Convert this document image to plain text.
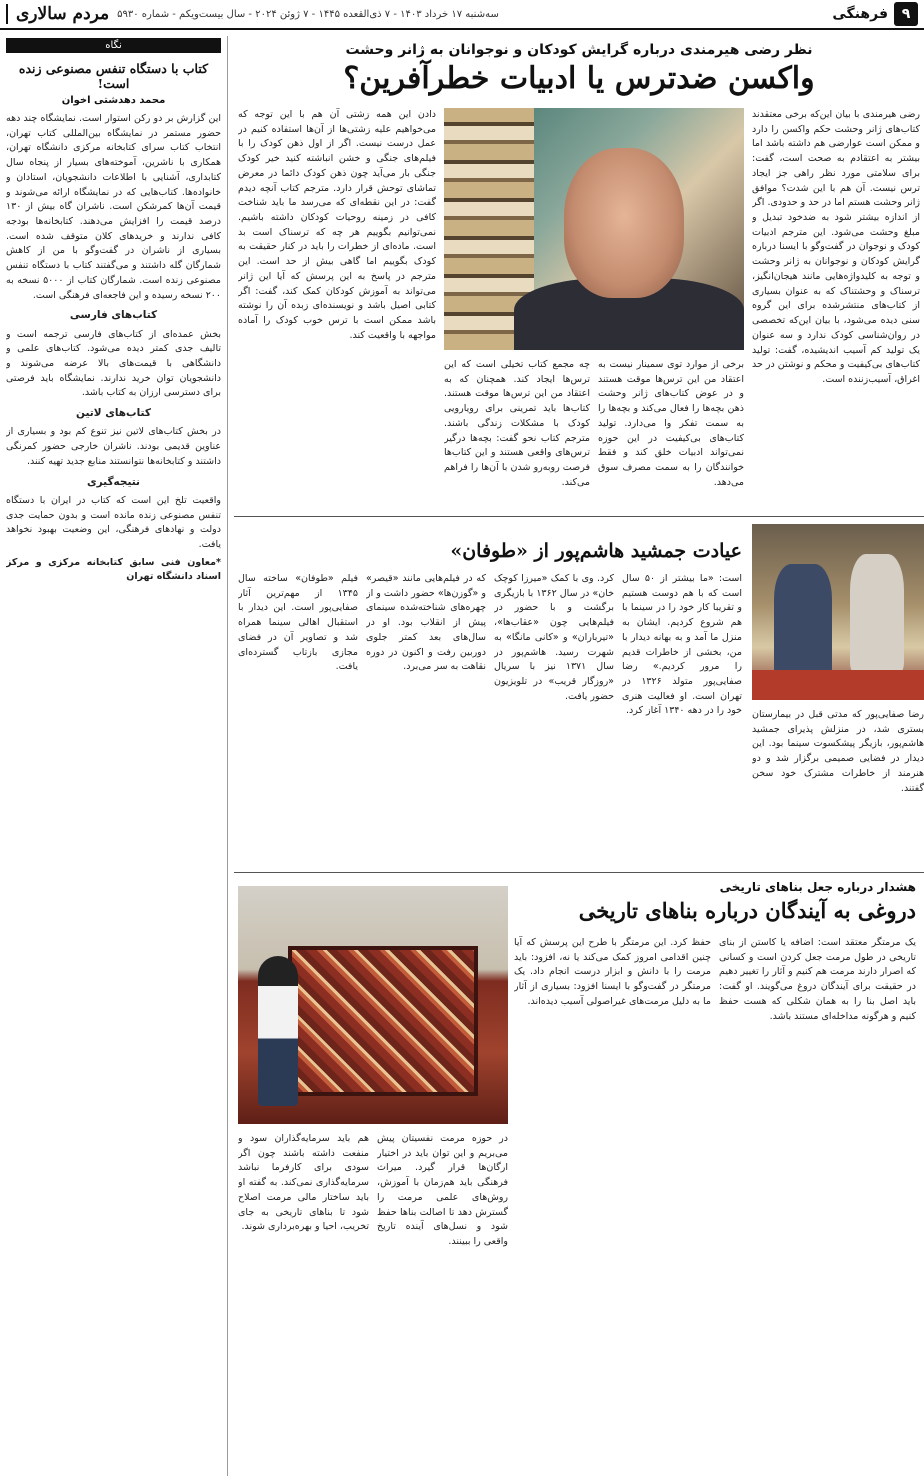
۹
فرهنگی
سه‌شنبه ۱۷ خرداد ۱۴۰۳ - ۷ ذی‌القعده ۱۴۴۵ - ۷ ژوئن ۲۰۲۴ - سال بیست‌ویکم - شماره ۵۹۳۰
مردم سالاری
نظر رضی هیرمندی درباره گرایش کودکان و نوجوانان به ژانر وحشت
واکسن ضدترس یا ادبیات خطرآفرین؟
رضی هیرمندی با بیان این‌که برخی معتقدند کتاب‌های ژانر وحشت حکم واکسن را دارد و ممکن است عوارضی هم داشته باشد اما بیشتر به اعتقادم به صحت است، گفت: برای سلامتی مورد نظر راهی جز ایجاد ترس نیست. آن هم با این شدت؟ موافق ژانر وحشت هستم اما در حد و حدودی. اگر از اندازه بیشتر شود به ضدخود تبدیل و مبلغ وحشت می‌شود. این مترجم ادبیات کودک و نوجوان در گفت‌وگو با ایسنا درباره گرایش کودکان و نوجوانان به ژانر وحشت و توجه به کلیدواژه‌هایی مانند هیجان‌انگیز، ترسناک و وحشتناک که به عنوان بسیاری از کتاب‌های منتشرشده برای این گروه سنی دیده می‌شود، با بیان این‌که تخصصی در روان‌شناسی کودک ندارد و سه عنوان یک تولید کم آسیب اندیشیده، گفت: تولید کتاب‌های بی‌کیفیت و محکم و نوشتن در حد اغراق، آسیب‌زننده است.
برخی از موارد توی سمینار نیست به اعتقاد من این ترس‌ها موقت هستند و در عوض کتاب‌های ژانر وحشت ذهن بچه‌ها را فعال می‌کند و بچه‌ها را به سمت تفکر وا می‌دارد. تولید کتاب‌های بی‌کیفیت در این حوزه نمی‌تواند ادبیات خلق کند و فقط خوانندگان را به سمت مصرف سوق می‌دهد.
چه مجمع کتاب تخیلی است که این ترس‌ها ایجاد کند. همچنان که به اعتقاد من این ترس‌ها موقت هستند. کتاب‌ها باید تمرینی برای رویارویی کودک با مشکلات زندگی باشند. مترجم کتاب نحو گفت: بچه‌ها درگیر ترس‌های واقعی هستند و این کتاب‌ها فرصت روبه‌رو شدن با آن‌ها را فراهم می‌کند.
دادن این همه زشتی آن هم با این توجه که می‌خواهیم علیه زشتی‌ها از آن‌ها استفاده کنیم در عمل درست نیست. اگر از اول ذهن کودک را با فیلم‌های جنگی و خشن انباشته کنید خیر کودک جنگی بار می‌آید چون ذهن کودک دائما در معرض تماشای توحش قرار دارد. مترجم کتاب آنچه دیدم گفت: در این نقطه‌ای که می‌رسد ما باید شناخت کافی در زمینه روحیات کودکان داشته باشیم. نمی‌توانیم بگوییم هر چه که ترسناک است بد است. ماده‌ای از خطرات را باید در کنار حقیقت به کودک بگوییم اما گاهی بیش از حد است. این مترجم در پاسخ به این پرسش که آیا این ژانر می‌تواند به آموزش کودکان کمک کند، گفت: اگر کتابی اصیل باشد و نویسنده‌ای زبده آن را نوشته باشد ممکن است با ترس خوب کودک را آماده مواجهه با واقعیت کند.
رضا صفایی‌پور که مدتی قبل در بیمارستان بستری شد، در منزلش پذیرای جمشید هاشم‌پور، بازیگر پیشکسوت سینما بود. این دیدار در فضایی صمیمی برگزار شد و دو هنرمند از خاطرات مشترک خود سخن گفتند.
عیادت جمشید هاشم‌پور از «طوفان»
است: «ما بیشتر از ۵۰ سال است که با هم دوست هستیم و تقریبا کار خود را در سینما با هم شروع کردیم. ایشان به منزل ما آمد و به بهانه دیدار با من، بخشی از خاطرات قدیم را مرور کردیم.» رضا صفایی‌پور متولد ۱۳۲۶ در تهران است. او فعالیت هنری خود را در دهه ۱۳۴۰ آغاز کرد.
کرد. وی با کمک «میرزا کوچک خان» در سال ۱۳۶۲ با بازیگری برگشت و با حضور در فیلم‌هایی چون «عقاب‌ها»، «تیرباران» و «کانی مانگا» به شهرت رسید. هاشم‌پور در سال ۱۳۷۱ نیز با سریال «روزگار قریب» در تلویزیون حضور یافت.
که در فیلم‌هایی مانند «قیصر» و «گوزن‌ها» حضور داشت و از چهره‌های شناخته‌شده سینمای پیش از انقلاب بود. او در سال‌های بعد کمتر جلوی دوربین رفت و اکنون در دوره نقاهت به سر می‌برد.
فیلم «طوفان» ساخته سال ۱۳۴۵ از مهم‌ترین آثار صفایی‌پور است. این دیدار با استقبال اهالی سینما همراه شد و تصاویر آن در فضای مجازی بازتاب گسترده‌ای یافت.
هشدار درباره جعل بناهای تاریخی
دروغی به آیندگان درباره بناهای تاریخی
یک مرمتگر معتقد است: اضافه یا کاستن از بنای تاریخی در طول مرمت جعل کردن است و کسانی که اصرار دارند مرمت هم کنیم و آثار را تغییر دهیم در حقیقت برای آیندگان دروغ می‌گویند. او گفت: باید اصل بنا را به همان شکلی که هست حفظ کنیم و هرگونه مداخله‌ای مستند باشد.
حفظ کرد. این مرمتگر با طرح این پرسش که آیا چنین اقدامی امروز کمک می‌کند یا نه، افزود: باید مرمت را با دانش و ابزار درست انجام داد. یک مرمتگر در گفت‌وگو با ایسنا افزود: بسیاری از آثار ما به دلیل مرمت‌های غیراصولی آسیب دیده‌اند.
در حوزه مرمت نفسیتان پیش می‌بریم و این توان باید در اختیار ارگان‌ها قرار گیرد. میراث فرهنگی باید هم‌زمان با آموزش، روش‌های علمی مرمت را گسترش دهد تا اصالت بناها حفظ شود و نسل‌های آینده تاریخ واقعی را ببینند.
هم باید سرمایه‌گذاران سود و منفعت داشته باشند چون اگر سودی برای کارفرما نباشد سرمایه‌گذاری نمی‌کند. به گفته او باید ساختار مالی مرمت اصلاح شود تا بناهای تاریخی به جای تخریب، احیا و بهره‌برداری شوند.
نگاه
کتاب با دستگاه تنفس مصنوعی زنده است!
محمد دهدشتی اخوان

این گزارش بر دو رکن استوار است. نمایشگاه چند دهه حضور مستمر در نمایشگاه بین‌المللی کتاب تهران، انتخاب کتاب سرای کتابخانه مرکزی دانشگاه تهران، همکاری با ناشرین، آموخته‌های بسیار از پنجاه سال کتابداری، آشنایی با اطلاعات دانشجویان، استادان و خانواده‌ها. کتاب‌هایی که در نمایشگاه ارائه می‌شوند و قیمت آن‌ها کمرشکن است. ناشران گاه بیش از ۱۳۰ درصد قیمت را افزایش می‌دهند. کتابخانه‌ها بودجه کافی ندارند و خریدهای کلان متوقف شده است. بسیاری از ناشران در گفت‌وگو با من از کاهش شمارگان گله داشتند و می‌گفتند کتاب با دستگاه تنفس مصنوعی زنده است. شمارگان کتاب از ۵۰۰۰ نسخه به ۲۰۰ نسخه رسیده و این فاجعه‌ای فرهنگی است.

کتاب‌های فارسی

بخش عمده‌ای از کتاب‌های فارسی ترجمه است و تالیف جدی کمتر دیده می‌شود. کتاب‌های علمی و دانشگاهی با قیمت‌های بالا عرضه می‌شوند و دانشجویان توان خرید ندارند. نمایشگاه باید فرصتی برای دسترسی ارزان به کتاب باشد.

کتاب‌های لاتین

در بخش کتاب‌های لاتین نیز تنوع کم بود و بسیاری از عناوین قدیمی بودند. ناشران خارجی حضور کمرنگی داشتند و کتابخانه‌ها نتوانستند منابع جدید تهیه کنند.

نتیجه‌گیری

واقعیت تلخ این است که کتاب در ایران با دستگاه تنفس مصنوعی زنده مانده است و بدون حمایت جدی دولت و نهادهای فرهنگی، این وضعیت بهبود نخواهد یافت.

*معاون فنی سابق کتابخانه مرکزی و مرکز اسناد دانشگاه تهران
